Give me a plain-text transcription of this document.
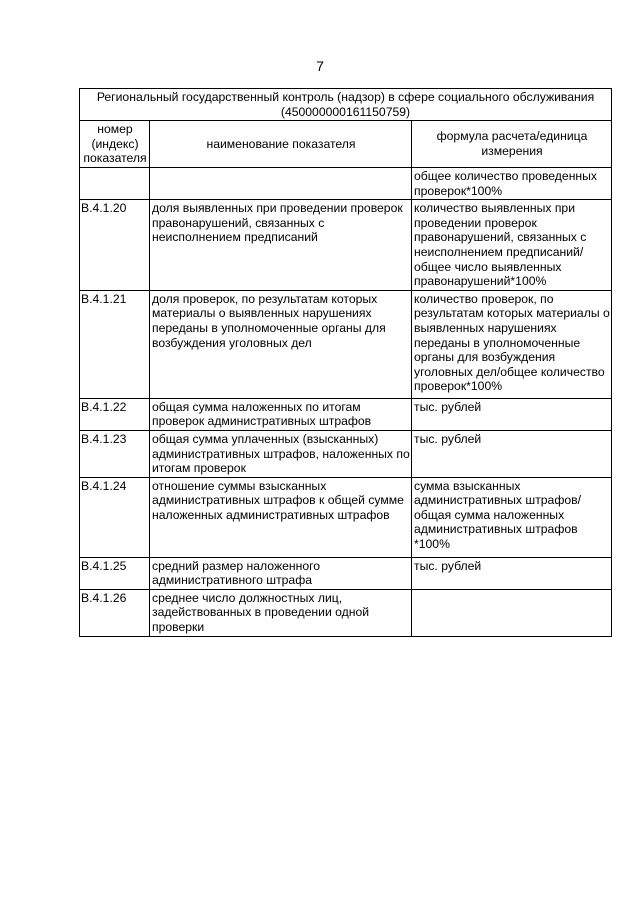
7
Региональный государственный контроль (надзор) в сфере социального обслуживания
(450000000161150759)		

номер (индекс) показателя	наименование показателя	формула расчета/единица измерения
		общее количество проведенных проверок*100%
В.4.1.20	доля выявленных при проведении проверок правонарушений, связанных с неисполнением предписаний	количество выявленных при проведении проверок правонарушений, связанных с неисполнением предписаний/ общее число выявленных правонарушений*100%
В.4.1.21	доля проверок, по результатам которых материалы о выявленных нарушениях переданы в уполномоченные органы для возбуждения уголовных дел	количество проверок, по результатам которых материалы о выявленных нарушениях переданы в уполномоченные органы для возбуждения уголовных дел/общее количество проверок*100%
В.4.1.22	общая сумма наложенных по итогам проверок административных штрафов	тыс. рублей
В.4.1.23	общая сумма уплаченных (взысканных) административных штрафов, наложенных по итогам проверок	тыс. рублей
В.4.1.24	отношение суммы взысканных административных штрафов к общей сумме наложенных административных штрафов	сумма взысканных административных штрафов/ общая сумма наложенных административных штрафов *100%
В.4.1.25	средний размер наложенного административного штрафа	тыс. рублей
В.4.1.26	среднее число должностных лиц, задействованных в проведении одной проверки	
